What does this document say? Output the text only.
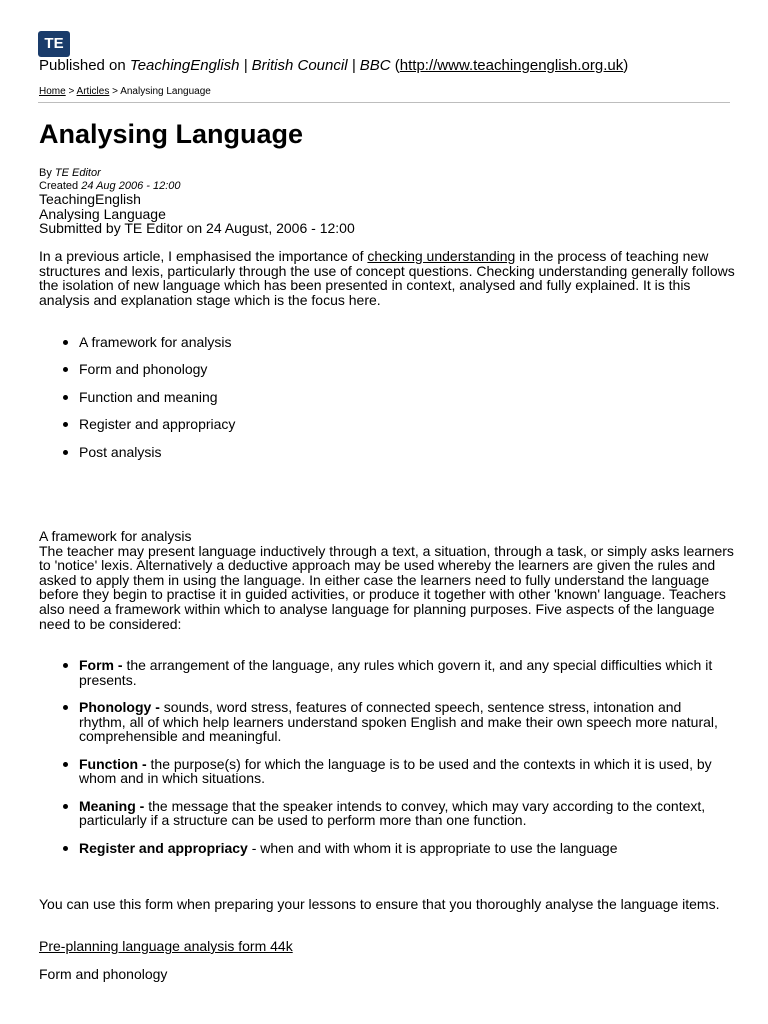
TE
Published on TeachingEnglish | British Council | BBC (http://www.teachingenglish.org.uk)
Home > Articles > Analysing Language
Analysing Language
By TE Editor
Created 24 Aug 2006 - 12:00
TeachingEnglish
Analysing Language
Submitted by TE Editor on 24 August, 2006 - 12:00
In a previous article, I emphasised the importance of checking understanding in the process of teaching new structures and lexis, particularly through the use of concept questions. Checking understanding generally follows the isolation of new language which has been presented in context, analysed and fully explained. It is this analysis and explanation stage which is the focus here.
A framework for analysis
Form and phonology
Function and meaning
Register and appropriacy
Post analysis
A framework for analysis
The teacher may present language inductively through a text, a situation, through a task, or simply asks learners to 'notice' lexis. Alternatively a deductive approach may be used whereby the learners are given the rules and asked to apply them in using the language. In either case the learners need to fully understand the language before they begin to practise it in guided activities, or produce it together with other 'known' language. Teachers also need a framework within which to analyse language for planning purposes. Five aspects of the language need to be considered:
Form - the arrangement of the language, any rules which govern it, and any special difficulties which it presents.
Phonology - sounds, word stress, features of connected speech, sentence stress, intonation and rhythm, all of which help learners understand spoken English and make their own speech more natural, comprehensible and meaningful.
Function - the purpose(s) for which the language is to be used and the contexts in which it is used, by whom and in which situations.
Meaning - the message that the speaker intends to convey, which may vary according to the context, particularly if a structure can be used to perform more than one function.
Register and appropriacy - when and with whom it is appropriate to use the language
You can use this form when preparing your lessons to ensure that you thoroughly analyse the language items.
Pre-planning language analysis form 44k
Form and phonology
